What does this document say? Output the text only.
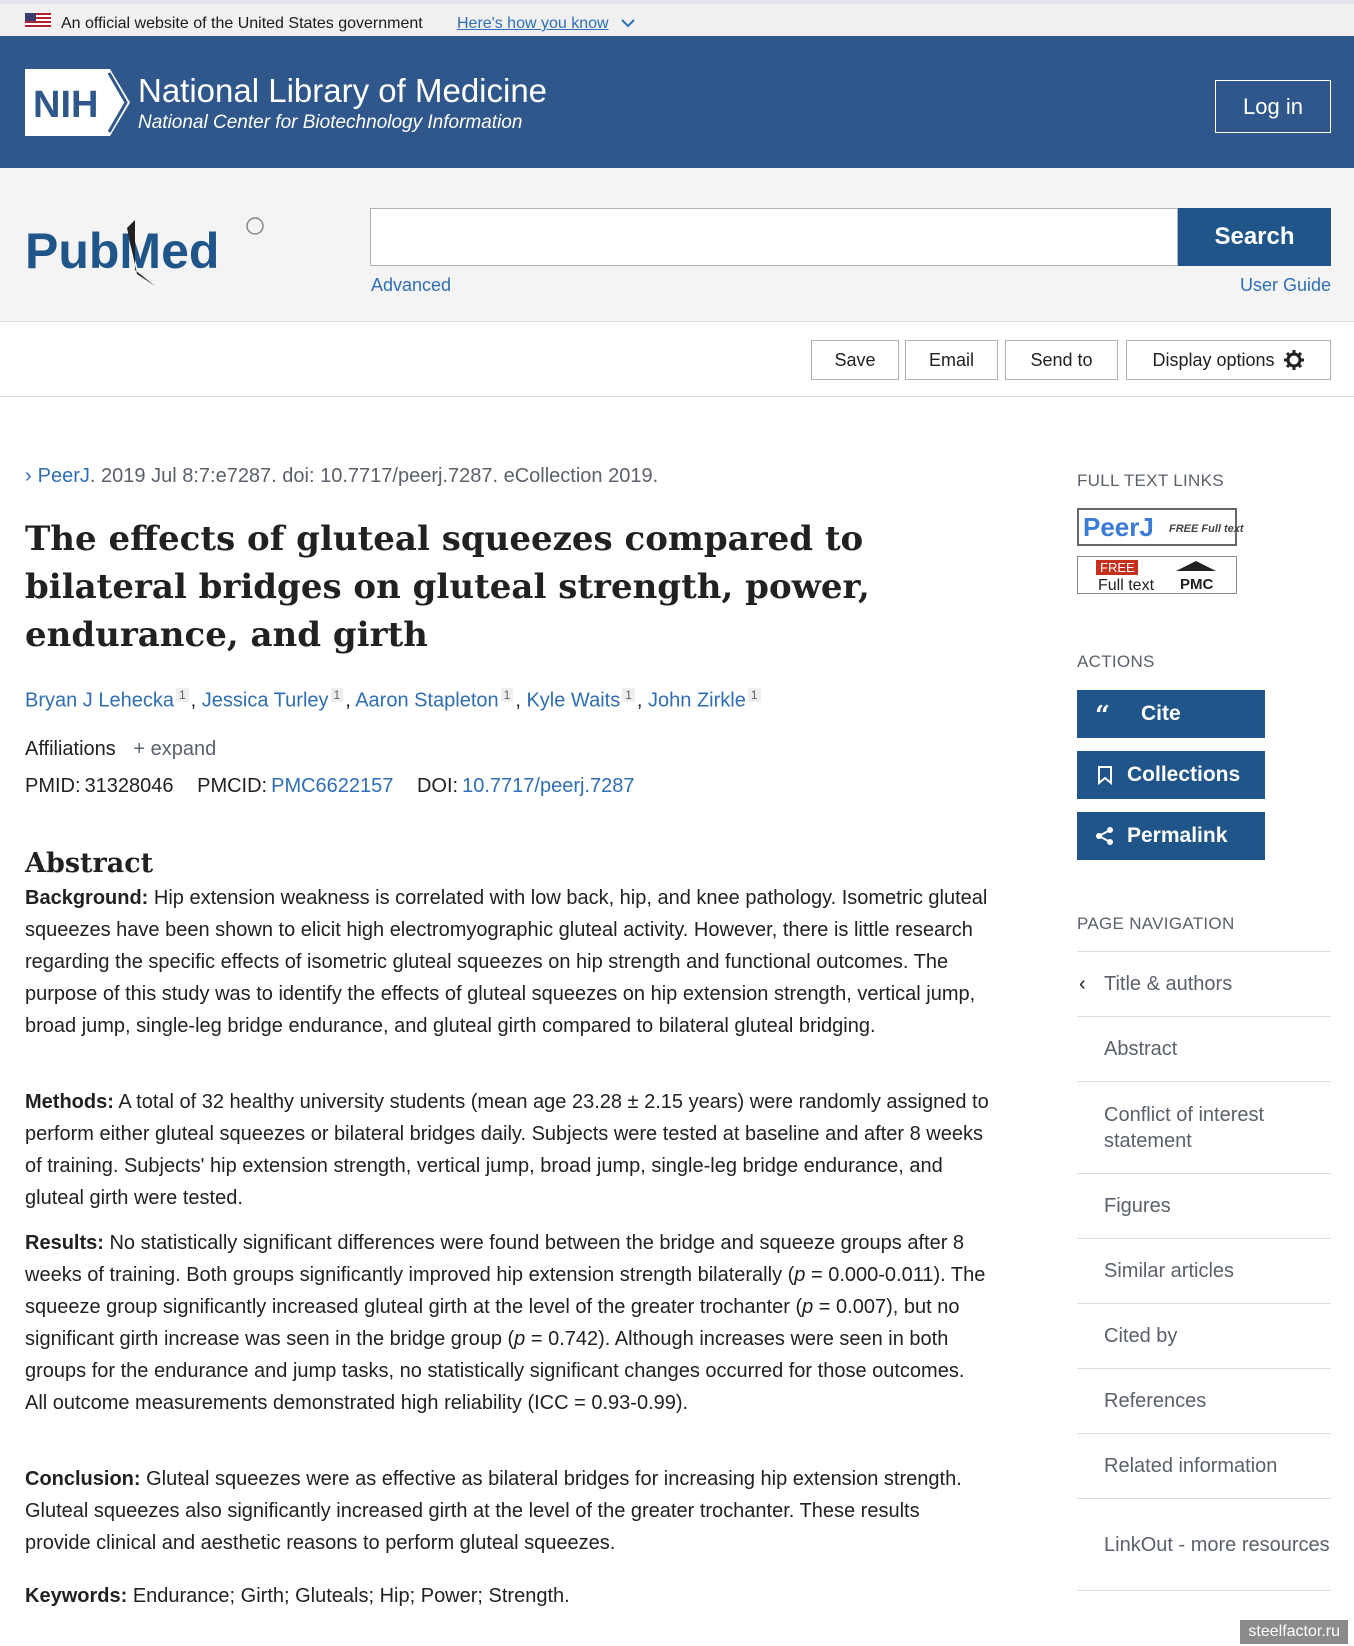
An official website of the United States government Here's how you know
NIH National Library of Medicine
National Center for Biotechnology Information
Log in
PubMed	Search
Advanced	User Guide
Save	Email	Send to	Display options
› PeerJ. 2019 Jul 8:7:e7287. doi: 10.7717/peerj.7287. eCollection 2019.
The effects of gluteal squeezes compared to bilateral bridges on gluteal strength, power, endurance, and girth
Bryan J Lehecka $^1$ , Jessica Turley $^1$ , Aaron Stapleton $^1$ , Kyle Waits $^1$ , John Zirkle $^1$
Affiliations + expand
PMID: 31328046 PMCID: PMC6622157 DOI: 10.7717/peerj.7287
Abstract

Background: Hip extension weakness is correlated with low back, hip, and knee pathology. Isometric gluteal squeezes have been shown to elicit high electromyographic gluteal activity. However, there is little research regarding the specific effects of isometric gluteal squeezes on hip strength and functional outcomes. The purpose of this study was to identify the effects of gluteal squeezes on hip extension strength, vertical jump, broad jump, single-leg bridge endurance, and gluteal girth compared to bilateral gluteal bridging.

Methods: A total of 32 healthy university students (mean age 23.28 ± 2.15 years) were randomly assigned to perform either gluteal squeezes or bilateral bridges daily. Subjects were tested at baseline and after 8 weeks of training. Subjects' hip extension strength, vertical jump, broad jump, single-leg bridge endurance, and gluteal girth were tested.

Results: No statistically significant differences were found between the bridge and squeeze groups after 8 weeks of training. Both groups significantly improved hip extension strength bilaterally (p = 0.000-0.011). The squeeze group significantly increased gluteal girth at the level of the greater trochanter (p = 0.007), but no significant girth increase was seen in the bridge group (p = 0.742). Although increases were seen in both groups for the endurance and jump tasks, no statistically significant changes occurred for those outcomes. All outcome measurements demonstrated high reliability (ICC = 0.93-0.99).

Conclusion: Gluteal squeezes were as effective as bilateral bridges for increasing hip extension strength. Gluteal squeezes also significantly increased girth at the level of the greater trochanter. These results provide clinical and aesthetic reasons to perform gluteal squeezes.

Keywords: Endurance; Girth; Gluteals; Hip; Power; Strength.

FULL TEXT LINKS
PeerJ FREE Full text
FREE
Full text PMC
ACTIONS
“ Cite
Collections
Permalink
PAGE NAVIGATION
‹ Title & authors
Abstract
Conflict of interest statement
Figures
Similar articles
Cited by
References
Related information
LinkOut - more resources
steelfactor.ru
